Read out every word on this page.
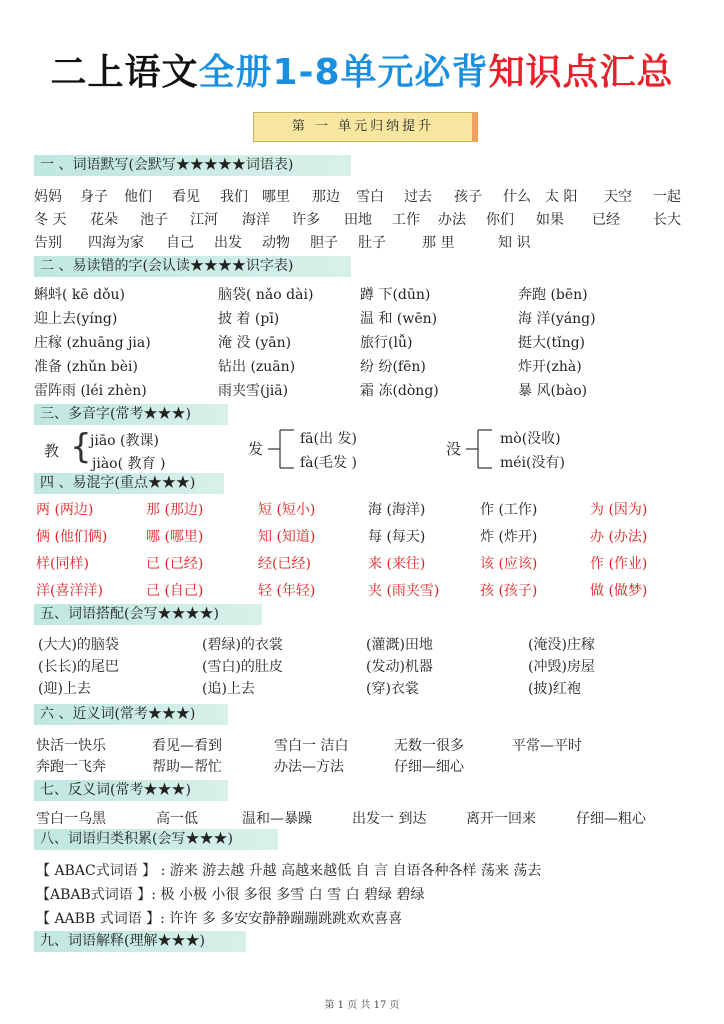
二上语文全册1-8单元必背知识点汇总
第 一 单元归纳提升
一 、词语默写(会默写★★★★★词语表)
妈妈 身子 他们 看见 我们 哪里 那边 雪白 过去 孩子 什么 太 阳 天空 一起
冬 天 花朵 池子 江河 海洋 许多 田地 工作 办法 你们 如果 已经 长大
告别 四海为家 自己 出发 动物 胆子 肚子	那 里	知 识
二 、易读错的字(会认读★★★★识字表)
蝌蚪( kē dǒu)	脑袋( nǎo dài)	蹲 下(dūn)	奔跑 (bēn)
迎上去(yíng)	披 着 (pī)	温 和 (wēn)	海 洋(yáng)
庄稼 (zhuāng jia)	淹 没 (yān)	旅行(lǚ)	挺大(tǐng)
准备 (zhǔn bèi)	钻出 (zuān)	纷 纷(fēn)	炸开(zhà)
雷阵雨 (léi zhèn)	雨夹雪(jiā)	霜 冻(dòng)	暴 风(bào)
三、多音字(常考★★★)
教 {
jiāo (教课)
jiào( 教育 )
发
fā(出 发)
fà(毛发 )
没
mò(没收)
méi(没有)
四 、易混字(重点★★★)
两 (两边)	那 (那边)	短 (短小)	海 (海洋)	作 (工作)	为 (因为)
俩 (他们俩)	哪 (哪里)	知 (知道)	每 (每天)	炸 (炸开)	办 (办法)
样(同样)	已 (已经)	经(已经)	来 (来往)	该 (应该)	作 (作业)
洋(喜洋洋)	己 (自己)	轻 (年轻)	夹 (雨夹雪)	孩 (孩子)	做 (做梦)
五、词语搭配(会写★★★★)
(大大)的脑袋	(碧绿)的衣裳	(灌溉)田地	(淹没)庄稼
(长长)的尾巴	(雪白)的肚皮	(发动)机器	(冲毁)房屋
(迎)上去	(追)上去	(穿)衣裳	(披)红袍
六 、近义词(常考★★★)
快活一快乐	看见—看到	雪白一 洁白	无数一很多	平常—平时
奔跑一飞奔	帮助—帮忙	办法—方法	仔细—细心
七、反义词(常考★★★)
雪白一乌黑	高一低	温和—暴躁	出发一 到达	离开一回来	仔细—粗心
八、词语归类积累(会写★★★)
【 ABAC式词语 】 : 游来 游去越 升越 高越来越低 自 言 自语各种各样 荡来 荡去
【ABAB式词语 】: 极 小极 小很 多很 多雪 白 雪 白 碧绿 碧绿
【 AABB 式词语 】: 许许 多 多安安静静蹦蹦跳跳欢欢喜喜
九、词语解释(理解★★★)
第 1 页 共 17 页
